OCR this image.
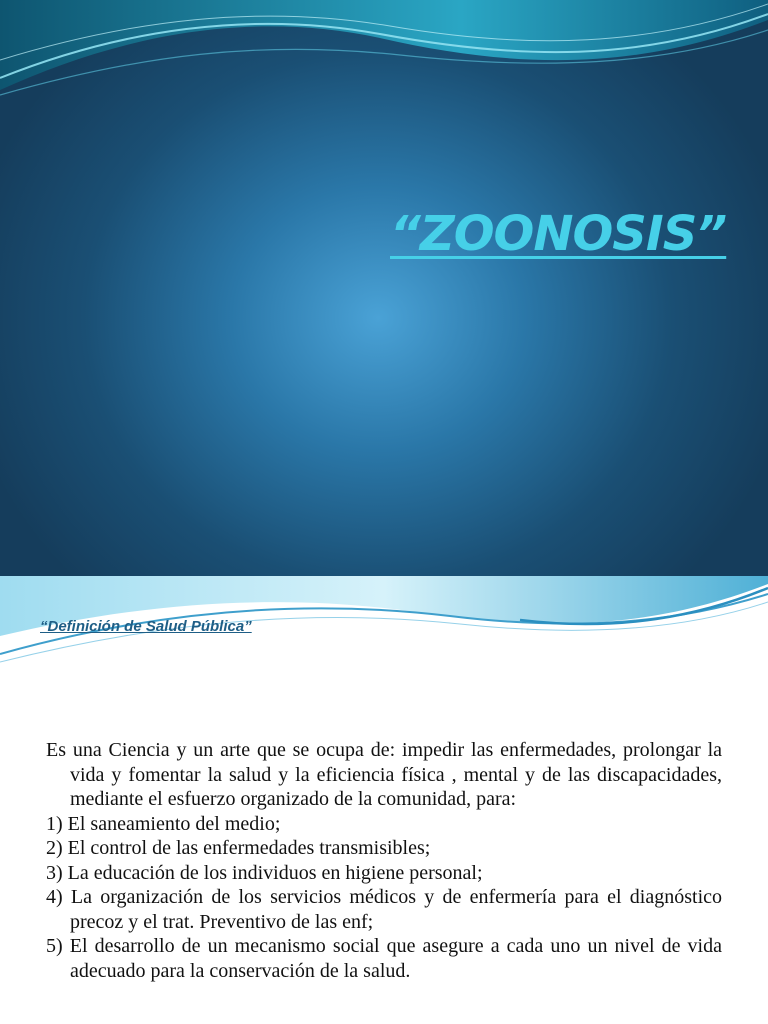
“ZOONOSIS”
“Definición de Salud Pública”

Es una Ciencia y un arte que se ocupa de: impedir las enfermedades, prolongar la vida y fomentar la salud y la eficiencia física , mental y de las discapacidades, mediante el esfuerzo organizado de la comunidad, para:

1) El saneamiento del medio;

2) El control de las enfermedades transmisibles;

3) La educación de los individuos en higiene personal;

4) La organización de los servicios médicos y de enfermería para el diagnóstico precoz y el trat. Preventivo de las enf;

5) El desarrollo de un mecanismo social que asegure a cada uno un nivel de vida adecuado para la conservación de la salud.
